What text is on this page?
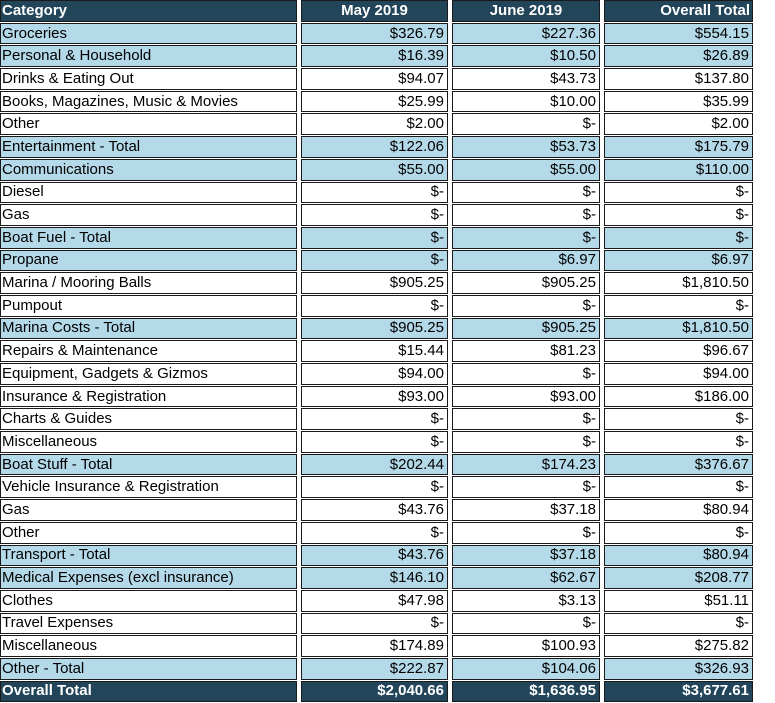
Category	May 2019	June 2019	Overall Total
Groceries	$326.79	$227.36	$554.15
Personal & Household	$16.39	$10.50	$26.89
Drinks & Eating Out	$94.07	$43.73	$137.80
Books, Magazines, Music & Movies	$25.99	$10.00	$35.99
Other	$2.00	$-	$2.00
Entertainment - Total	$122.06	$53.73	$175.79
Communications	$55.00	$55.00	$110.00
Diesel	$-	$-	$-
Gas	$-	$-	$-
Boat Fuel - Total	$-	$-	$-
Propane	$-	$6.97	$6.97
Marina / Mooring Balls	$905.25	$905.25	$1,810.50
Pumpout	$-	$-	$-
Marina Costs - Total	$905.25	$905.25	$1,810.50
Repairs & Maintenance	$15.44	$81.23	$96.67
Equipment, Gadgets & Gizmos	$94.00	$-	$94.00
Insurance & Registration	$93.00	$93.00	$186.00
Charts & Guides	$-	$-	$-
Miscellaneous	$-	$-	$-
Boat Stuff - Total	$202.44	$174.23	$376.67
Vehicle Insurance & Registration	$-	$-	$-
Gas	$43.76	$37.18	$80.94
Other	$-	$-	$-
Transport - Total	$43.76	$37.18	$80.94
Medical Expenses (excl insurance)	$146.10	$62.67	$208.77
Clothes	$47.98	$3.13	$51.11
Travel Expenses	$-	$-	$-
Miscellaneous	$174.89	$100.93	$275.82
Other - Total	$222.87	$104.06	$326.93
Overall Total	$2,040.66	$1,636.95	$3,677.61
